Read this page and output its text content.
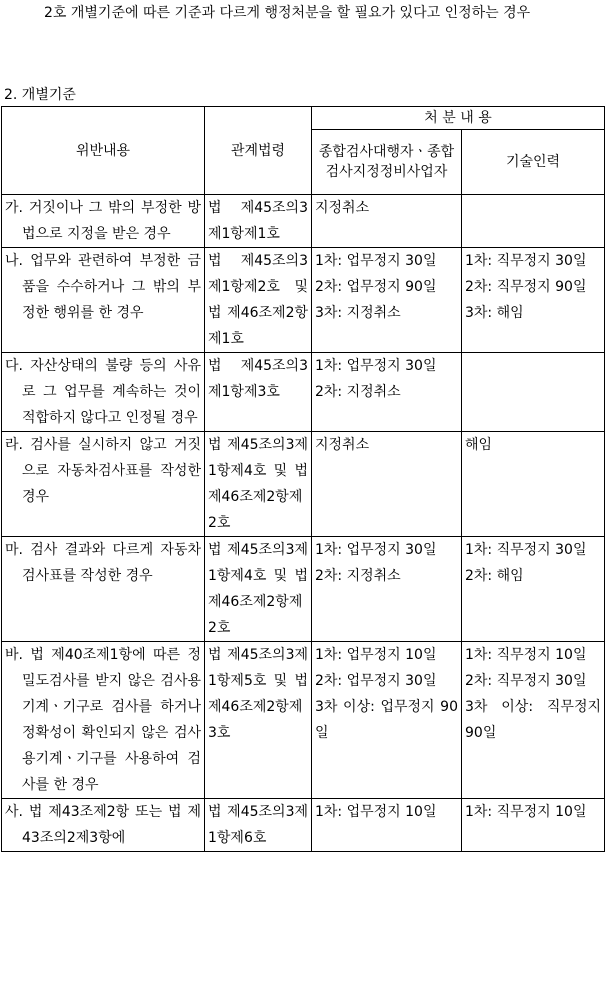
2호 개별기준에 따른 기준과 다르게 행정처분을 할 필요가 있다고 인정하는 경우
2. 개별기준
위반내용	관계법령	처 분 내 용	
		종합검사대행자ㆍ종합검사지정정비사업자	기술인력
가. 거짓이나 그 밖의 부정한 방법으로 지정을 받은 경우	법 제45조의3 제1항제1호	지정취소	

나. 업무와 관련하여 부정한 금품을 수수하거나 그 밖의 부정한 행위를 한 경우	법 제45조의3 제1항제2호 및 법 제46조제2항제1호	1차: 업무정지 30일
2차: 업무정지 90일
3차: 지정취소	1차: 직무정지 30일
2차: 직무정지 90일
3차: 해임

다. 자산상태의 불량 등의 사유로 그 업무를 계속하는 것이 적합하지 않다고 인정될 경우	법 제45조의3 제1항제3호	1차: 업무정지 30일
2차: 지정취소	

라. 검사를 실시하지 않고 거짓으로 자동차검사표를 작성한 경우	법 제45조의3제1항제4호 및 법 제46조제2항제2호	지정취소	해임

마. 검사 결과와 다르게 자동차검사표를 작성한 경우	법 제45조의3제1항제4호 및 법 제46조제2항제2호	1차: 업무정지 30일
2차: 지정취소	1차: 직무정지 30일
2차: 해임

바. 법 제40조제1항에 따른 정밀도검사를 받지 않은 검사용기계ㆍ기구로 검사를 하거나 정확성이 확인되지 않은 검사용기계ㆍ기구를 사용하여 검사를 한 경우	법 제45조의3제1항제5호 및 법 제46조제2항제3호	1차: 업무정지 10일
2차: 업무정지 30일
3차 이상: 업무정지 90일	1차: 직무정지 10일
2차: 직무정지 30일
3차 이상: 직무정지 90일

사. 법 제43조제2항 또는 법 제43조의2제3항에	법 제45조의3제1항제6호	1차: 업무정지 10일	1차: 직무정지 10일
